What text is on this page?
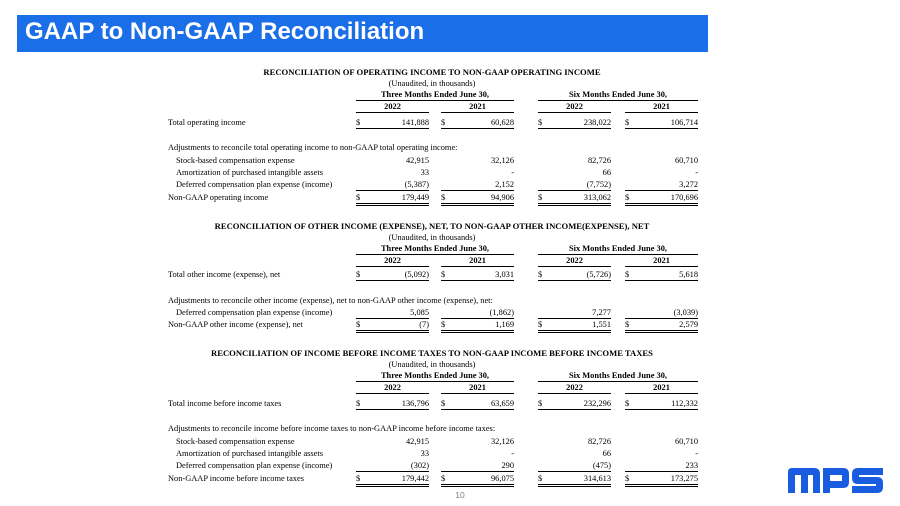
GAAP to Non-GAAP Reconciliation
RECONCILIATION OF OPERATING INCOME TO NON-GAAP OPERATING INCOME
(Unaudited, in thousands)
Three Months Ended June 30,	Six Months Ended June 30,
2022	2021	2022	2021
Total operating income	$	141,888 $	60,628	$	238,022 $	106,714
Adjustments to reconcile total operating income to non-GAAP total operating income:
Stock-based compensation expense	42,915	32,126	82,726	60,710
Amortization of purchased intangible assets	33	-	66	-
Deferred compensation plan expense (income)	(5,387)	2,152	(7,752)	3,272
Non-GAAP operating income	$	179,449 $	94,906	$	313,062 $	170,696
RECONCILIATION OF OTHER INCOME (EXPENSE), NET, TO NON-GAAP OTHER INCOME(EXPENSE), NET
(Unaudited, in thousands)
Three Months Ended June 30,	Six Months Ended June 30,
2022	2021	2022	2021
Total other income (expense), net	$	(5,092) $	3,031	$	(5,726) $	5,618
Adjustments to reconcile other income (expense), net to non-GAAP other income (expense), net:
Deferred compensation plan expense (income)	5,085	(1,862)	7,277	(3,039)
Non-GAAP other income (expense), net	$	(7) $	1,169	$	1,551 $	2,579
RECONCILIATION OF INCOME BEFORE INCOME TAXES TO NON-GAAP INCOME BEFORE INCOME TAXES
(Unaudited, in thousands)
Three Months Ended June 30,	Six Months Ended June 30,
2022	2021	2022	2021
Total income before income taxes	$	136,796 $	63,659	$	232,296 $	112,332
Adjustments to reconcile income before income taxes to non-GAAP income before income taxes:
Stock-based compensation expense	42,915	32,126	82,726	60,710
Amortization of purchased intangible assets	33	-	66	-
Deferred compensation plan expense (income)	(302)	290	(475)	233
Non-GAAP income before income taxes	$	179,442 $	96,075	$	314,613 $	173,275
10
